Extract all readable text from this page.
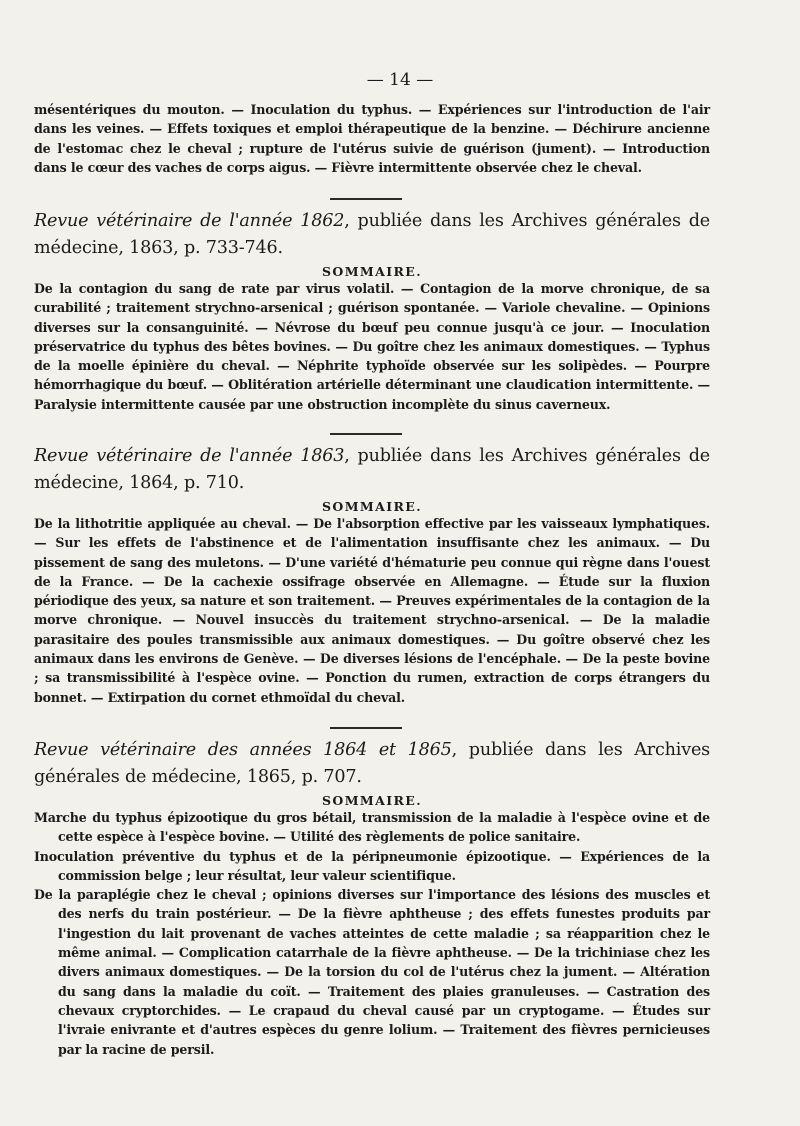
— 14 —

mésentériques du mouton. — Inoculation du typhus. — Expériences sur l'introduction de l'air dans les veines. — Effets toxiques et emploi thérapeutique de la benzine. — Déchirure ancienne de l'estomac chez le cheval ; rupture de l'utérus suivie de guérison (jument). — Introduction dans le cœur des vaches de corps aigus. — Fièvre intermittente observée chez le cheval.

Revue vétérinaire de l'année 1862, publiée dans les Archives générales de médecine, 1863, p. 733-746.

SOMMAIRE.

De la contagion du sang de rate par virus volatil. — Contagion de la morve chronique, de sa curabilité ; traitement strychno-arsenical ; guérison spontanée. — Variole chevaline. — Opinions diverses sur la consanguinité. — Névrose du bœuf peu connue jusqu'à ce jour. — Inoculation préservatrice du typhus des bêtes bovines. — Du goître chez les animaux domestiques. — Typhus de la moelle épinière du cheval. — Néphrite typhoïde observée sur les solipèdes. — Pourpre hémorrhagique du bœuf. — Oblitération artérielle déterminant une claudication intermittente. — Paralysie intermittente causée par une obstruction incomplète du sinus caverneux.

Revue vétérinaire de l'année 1863, publiée dans les Archives générales de médecine, 1864, p. 710.

SOMMAIRE.

De la lithotritie appliquée au cheval. — De l'absorption effective par les vaisseaux lymphatiques. — Sur les effets de l'abstinence et de l'alimentation insuffisante chez les animaux. — Du pissement de sang des muletons. — D'une variété d'hématurie peu connue qui règne dans l'ouest de la France. — De la cachexie ossifrage observée en Allemagne. — Étude sur la fluxion périodique des yeux, sa nature et son traitement. — Preuves expérimentales de la contagion de la morve chronique. — Nouvel insuccès du traitement strychno-arsenical. — De la maladie parasitaire des poules transmissible aux animaux domestiques. — Du goître observé chez les animaux dans les environs de Genève. — De diverses lésions de l'encéphale. — De la peste bovine ; sa transmissibilité à l'espèce ovine. — Ponction du rumen, extraction de corps étrangers du bonnet. — Extirpation du cornet ethmoïdal du cheval.

Revue vétérinaire des années 1864 et 1865, publiée dans les Archives générales de médecine, 1865, p. 707.

SOMMAIRE.

Marche du typhus épizootique du gros bétail, transmission de la maladie à l'espèce ovine et de cette espèce à l'espèce bovine. — Utilité des règlements de police sanitaire.

Inoculation préventive du typhus et de la péripneumonie épizootique. — Expériences de la commission belge ; leur résultat, leur valeur scientifique.

De la paraplégie chez le cheval ; opinions diverses sur l'importance des lésions des muscles et des nerfs du train postérieur. — De la fièvre aphtheuse ; des effets funestes produits par l'ingestion du lait provenant de vaches atteintes de cette maladie ; sa réapparition chez le même animal. — Complication catarrhale de la fièvre aphtheuse. — De la trichiniase chez les divers animaux domestiques. — De la torsion du col de l'utérus chez la jument. — Altération du sang dans la maladie du coït. — Traitement des plaies granuleuses. — Castration des chevaux cryptorchides. — Le crapaud du cheval causé par un cryptogame. — Études sur l'ivraie enivrante et d'autres espèces du genre lolium. — Traitement des fièvres pernicieuses par la racine de persil.
